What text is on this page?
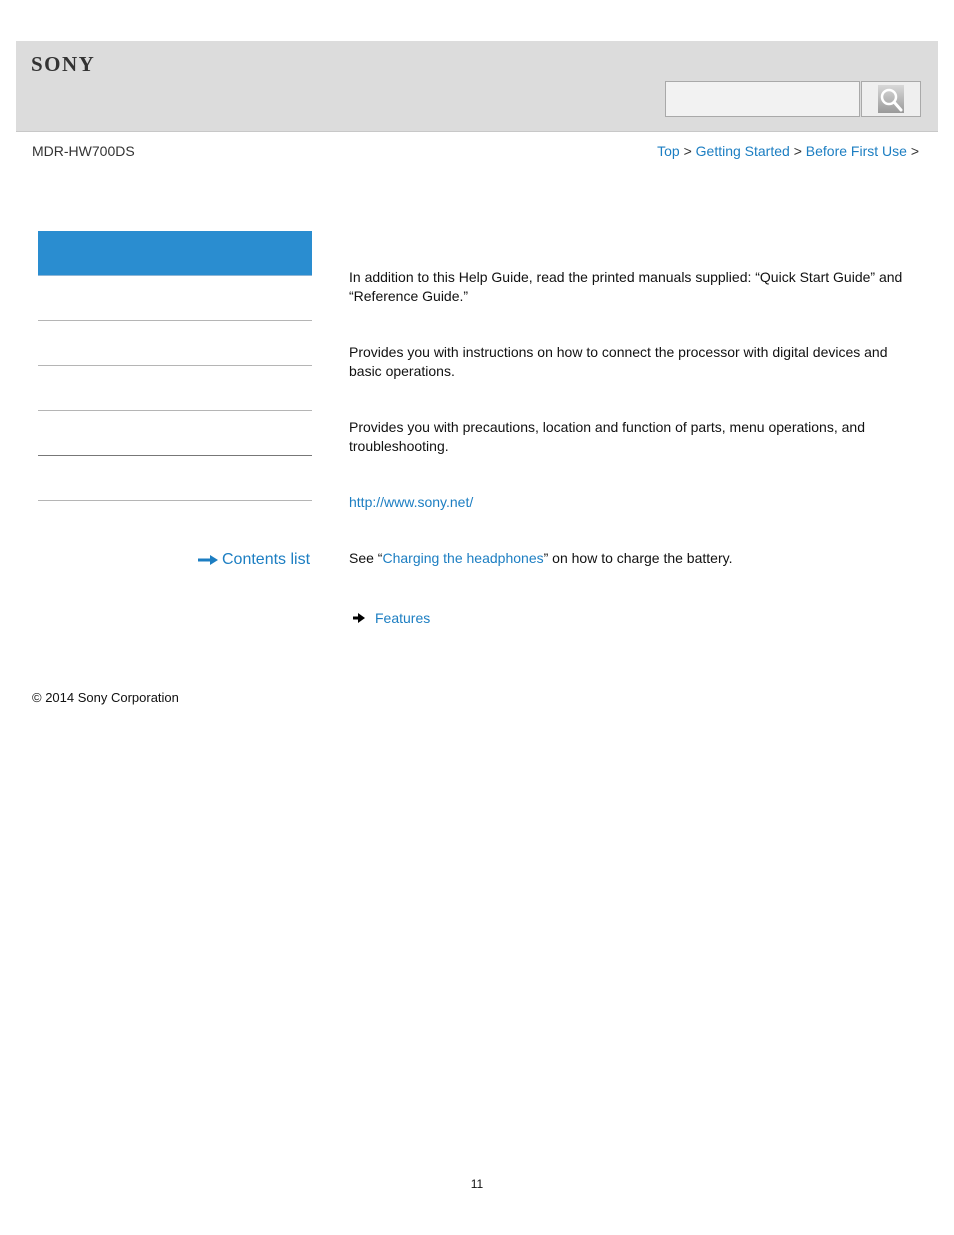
SONY
MDR-HW700DS	Top > Getting Started > Before First Use >
Contents list

In addition to this Help Guide, read the printed manuals supplied: “Quick Start Guide” and “Reference Guide.”

Provides you with instructions on how to connect the processor with digital devices and basic operations.

Provides you with precautions, location and function of parts, menu operations, and troubleshooting.

http://www.sony.net/

See “Charging the headphones” on how to charge the battery.

Features
© 2014 Sony Corporation
11
